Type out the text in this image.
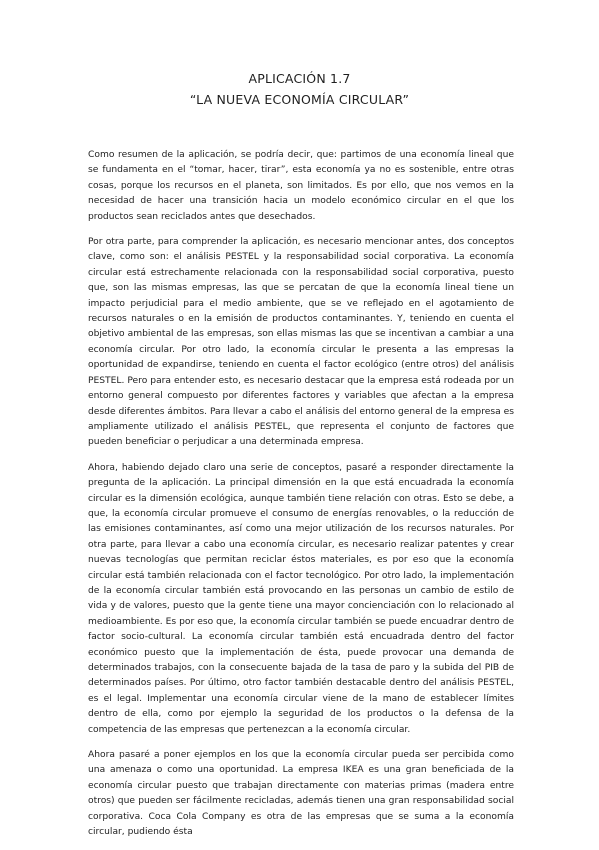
APLICACIÓN 1.7
“LA NUEVA ECONOMÍA CIRCULAR”

Como resumen de la aplicación, se podría decir, que: partimos de una economía lineal que se fundamenta en el “tomar, hacer, tirar”, esta economía ya no es sostenible, entre otras cosas, porque los recursos en el planeta, son limitados. Es por ello, que nos vemos en la necesidad de hacer una transición hacia un modelo económico circular en el que los productos sean reciclados antes que desechados.

Por otra parte, para comprender la aplicación, es necesario mencionar antes, dos conceptos clave, como son: el análisis PESTEL y la responsabilidad social corporativa. La economía circular está estrechamente relacionada con la responsabilidad social corporativa, puesto que, son las mismas empresas, las que se percatan de que la economía lineal tiene un impacto perjudicial para el medio ambiente, que se ve reflejado en el agotamiento de recursos naturales o en la emisión de productos contaminantes. Y, teniendo en cuenta el objetivo ambiental de las empresas, son ellas mismas las que se incentivan a cambiar a una economía circular. Por otro lado, la economía circular le presenta a las empresas la oportunidad de expandirse, teniendo en cuenta el factor ecológico (entre otros) del análisis PESTEL. Pero para entender esto, es necesario destacar que la empresa está rodeada por un entorno general compuesto por diferentes factores y variables que afectan a la empresa desde diferentes ámbitos. Para llevar a cabo el análisis del entorno general de la empresa es ampliamente utilizado el análisis PESTEL, que representa el conjunto de factores que pueden beneficiar o perjudicar a una determinada empresa.

Ahora, habiendo dejado claro una serie de conceptos, pasaré a responder directamente la pregunta de la aplicación. La principal dimensión en la que está encuadrada la economía circular es la dimensión ecológica, aunque también tiene relación con otras. Esto se debe, a que, la economía circular promueve el consumo de energías renovables, o la reducción de las emisiones contaminantes, así como una mejor utilización de los recursos naturales. Por otra parte, para llevar a cabo una economía circular, es necesario realizar patentes y crear nuevas tecnologías que permitan reciclar éstos materiales, es por eso que la economía circular está también relacionada con el factor tecnológico. Por otro lado, la implementación de la economía circular también está provocando en las personas un cambio de estilo de vida y de valores, puesto que la gente tiene una mayor concienciación con lo relacionado al medioambiente. Es por eso que, la economía circular también se puede encuadrar dentro de factor socio-cultural. La economía circular también está encuadrada dentro del factor económico puesto que la implementación de ésta, puede provocar una demanda de determinados trabajos, con la consecuente bajada de la tasa de paro y la subida del PIB de determinados países. Por último, otro factor también destacable dentro del análisis PESTEL, es el legal. Implementar una economía circular viene de la mano de establecer límites dentro de ella, como por ejemplo la seguridad de los productos o la defensa de la competencia de las empresas que pertenezcan a la economía circular.

Ahora pasaré a poner ejemplos en los que la economía circular pueda ser percibida como una amenaza o como una oportunidad. La empresa IKEA es una gran beneficiada de la economía circular puesto que trabajan directamente con materias primas (madera entre otros) que pueden ser fácilmente recicladas, además tienen una gran responsabilidad social corporativa. Coca Cola Company es otra de las empresas que se suma a la economía circular, pudiendo ésta
